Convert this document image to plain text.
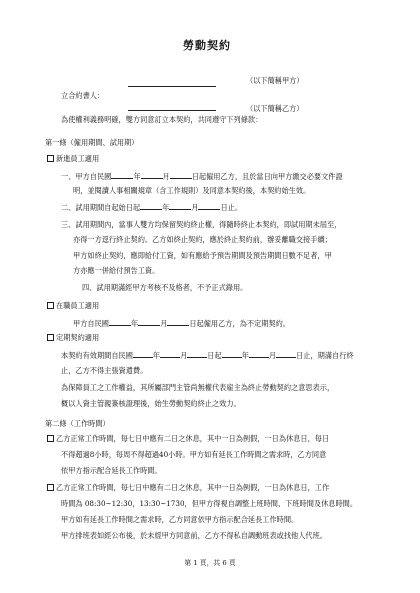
勞動契約
（以下簡稱甲方）
立合約書人：
（以下簡稱乙方）
為使權利義務明確，雙方同意訂立本契約，共同遵守下列條款：
第一條（僱用期間、試用期）
新進員工適用
一、甲方自民國	年	月	日起僱用乙方，且於當日向甲方繳交必要文件證
明，並閱讀人事相關規章（含工作規則）及同意本契約後，本契約始生效。
二、試用期間自起始日起	年	月	日止。
三、試用期間內，當事人雙方均保留契約終止權，得隨時終止本契約，即試用期未屆至，
亦得一方逕行終止契約。乙方如終止契約，應於終止契約前，辦妥離職交接手續；
甲方如終止契約，應即給付工資，如有應給予預告期間及預告期間日數不足者，甲
方亦應一併給付預告工資。
四、試用期滿經甲方考核不及格者，不予正式錄用。
在職員工適用
甲方自民國	年	月	日起僱用乙方，為不定期契約。
定期契約適用
本契約有效期間自民國	年	月	日起	年	月	日止，期滿自行終
止，乙方不得主張資遣費。
為保障員工之工作權益，其所屬部門主管尚無權代表雇主為終止勞動契約之意思表示，
概以人資主管親簽核證理後，始生勞動契約終止之效力。
第二條（工作時間）
乙方正常工作時間，每七日中應有二日之休息，其中一日為例假，一日為休息日，每日
不得超過8小時，每周不得超過40小時。甲方如有延長工作時間之需求時，乙方同意
依甲方指示配合延長工作時間。
乙方正常工作時間，每七日中應有二日之休息，其中一日為例假，一日為休息日，工作
時間為 08:30~12:30，13:30~1730，但甲方得視自調整上班時間、下班時間及休息時間。
甲方如有延長工作時間之需求時，乙方同意依甲方指示配合延長工作時間。
甲方排班表如經公布後，於未經甲方同意前，乙方不得私自調動班表或找他人代班。
第 1 頁，共 6 頁
